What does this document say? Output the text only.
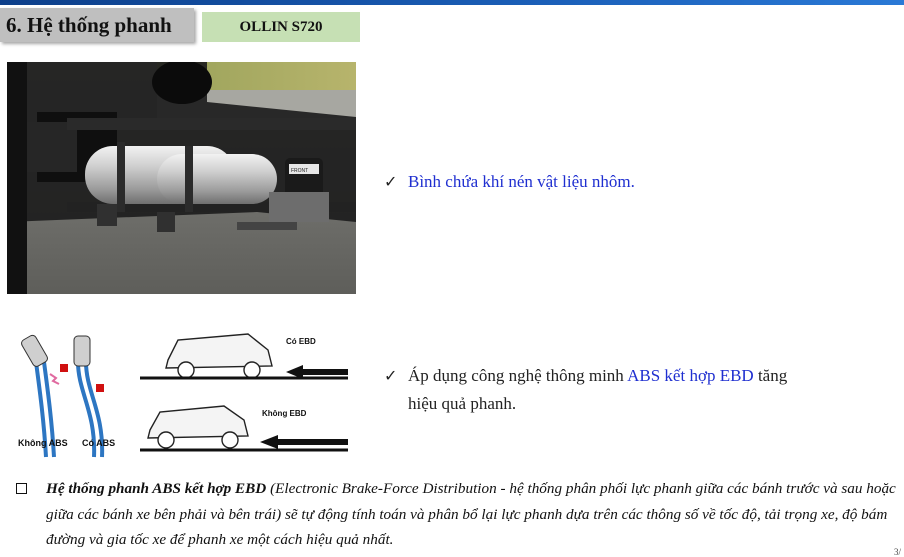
6. Hệ thống phanh	OLLIN S720
FRONT
Không ABS Có ABS
Có EBD
Không EBD
✓ Bình chứa khí nén vật liệu nhôm.
✓ Áp dụng công nghệ thông minh ABS kết hợp EBD tăng
hiệu quả phanh.
Hệ thống phanh ABS kết hợp EBD (Electronic Brake-Force Distribution - hệ thống phân phối lực phanh giữa các bánh trước và sau hoặc giữa các bánh xe bên phải và bên trái) sẽ tự động tính toán và phân bổ lại lực phanh dựa trên các thông số về tốc độ, tải trọng xe, độ bám đường và gia tốc xe để phanh xe một cách hiệu quả nhất.
3/
